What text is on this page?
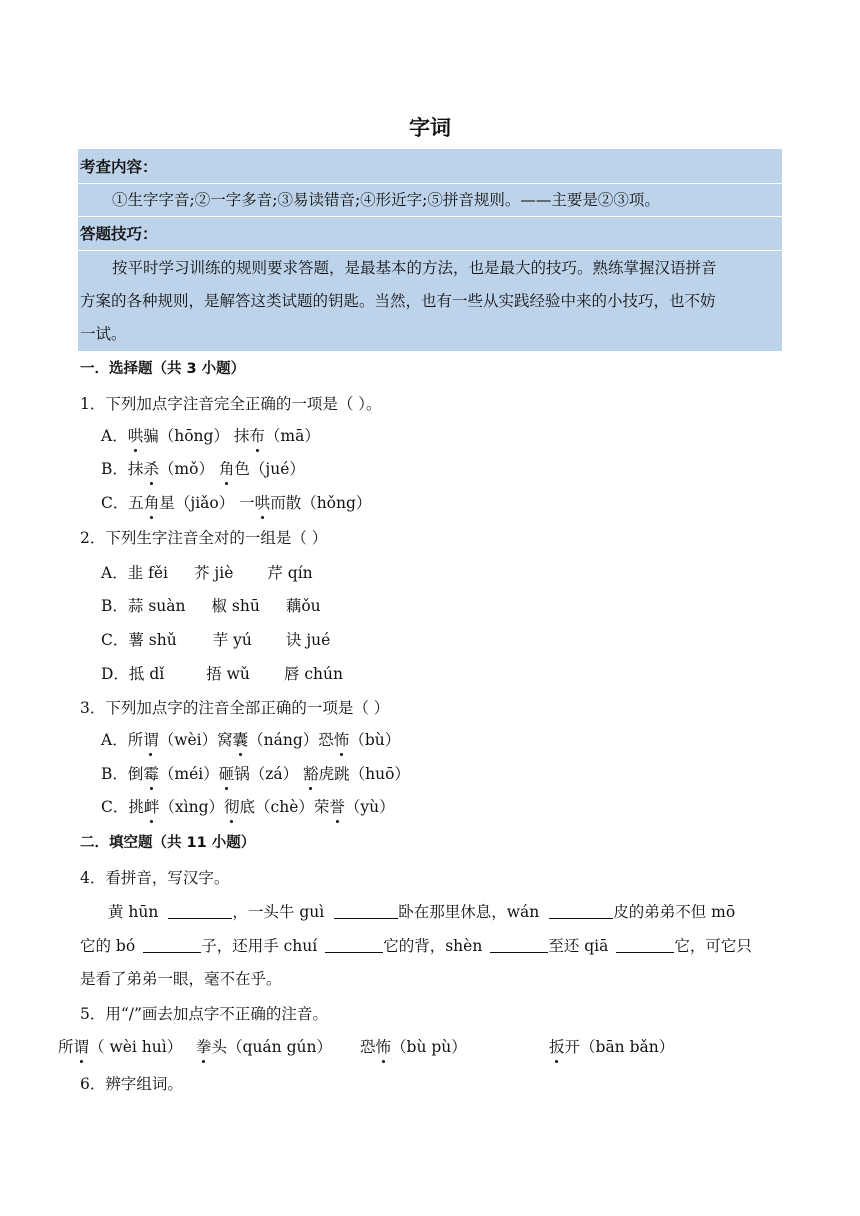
字词
考查内容：
①生字字音;②一字多音;③易读错音;④形近字;⑤拼音规则。——主要是②③项。
答题技巧：
按平时学习训练的规则要求答题，是最基本的方法，也是最大的技巧。熟练掌握汉语拼音
方案的各种规则，是解答这类试题的钥匙。当然，也有一些从实践经验中来的小技巧，也不妨
一试。
一．选择题（共 3 小题）
1．下列加点字注音完全正确的一项是（ ）。
A．哄骗（hōng） 抹布（mā）
B．抹杀（mǒ） 角色（jué）
C．五角星（jiǎo） 一哄而散（hǒng）
2．下列生字注音全对的一组是（ ）
A．韭 fěi 芥 jiè 芹 qín
B．蒜 suàn 椒 shū 藕ǒu
C．薯 shǔ 芋 yú 诀 jué
D．抵 dǐ	捂 wǔ 唇 chún
3．下列加点字的注音全部正确的一项是（ ）
A．所谓（wèi）窝囊（náng）恐怖（bù）
B．倒霉（méi）砸锅（zá） 豁虎跳（huō）
C．挑衅（xìng）彻底（chè）荣誉（yù）
二．填空题（共 11 小题）
4．看拼音，写汉字。
黄 hūn	，一头牛 guì	卧在那里休息，wán	皮的弟弟不但 mō
它的 bó	子，还用手 chuí	它的背，shèn	至还 qiā	它，可它只
是看了弟弟一眼，毫不在乎。
5．用“/”画去加点字不正确的注音。
所谓（ wèi huì） 拳头（quán gún） 恐怖（bù pù）	扳开（bān bǎn）
6．辨字组词。
